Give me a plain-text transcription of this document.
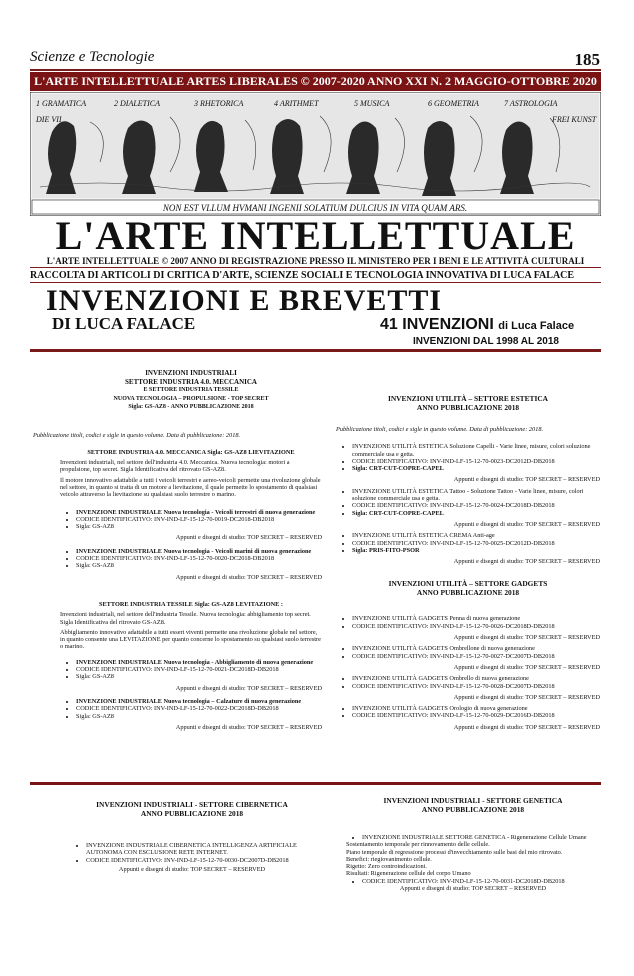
Scienze e Tecnologie	185
L'ARTE INTELLETTUALE ARTES LIBERALES © 2007-2020 ANNO XXI N. 2 MAGGIO-OTTOBRE 2020
1 GRAMATICA	2 DIALETICA	3 RHETORICA	4 ARITHMET	5 MUSICA	6 GEOMETRIA	7 ASTROLOGIA
DIE VII	FREI KUNST
NON EST VLLUM HVMANI INGENII SOLATIUM DULCIUS IN VITA QUAM ARS.
L'ARTE INTELLETTUALE
L'ARTE INTELLETTUALE © 2007 ANNO DI REGISTRAZIONE PRESSO IL MINISTERO PER I BENI E LE ATTIVITÀ CULTURALI
RACCOLTA DI ARTICOLI DI CRITICA D'ARTE, SCIENZE SOCIALI E TECNOLOGIA INNOVATIVA DI LUCA FALACE
INVENZIONI E BREVETTI
DI LUCA FALACE	41 INVENZIONI di Luca Falace
INVENZIONI DAL 1998 AL 2018
INVENZIONI INDUSTRIALI
SETTORE INDUSTRIA 4.0. MECCANICA
E SETTORE INDUSTRIA TESSILE
NUOVA TECNOLOGIA – PROPULSIONE - TOP SECRET
Sigla: GS-AZ8 - ANNO PUBBLICAZIONE 2018

Pubblicazione titoli, codici e sigle in questo volume. Data di pubblicazione: 2018.

SETTORE INDUSTRIA 4.0. MECCANICA Sigla: GS-AZ8 LIEVITAZIONE

Invenzioni industriali, nel settore dell'industria 4.0. Meccanica. Nuova tecnologia: motori a propulsione, top secret. Sigla Identificativa del ritrovato GS-AZ8.

Il motore innovativo adattabile a tutti i veicoli terrestri e aereo-veicoli permette una rivoluzione globale nel settore, in quanto si tratta di un motore a lievitazione, il quale permette lo spostamento di qualsiasi veicolo attraverso la lievitazione su qualsiasi suolo terrestre o marino.

• INVENZIONE INDUSTRIALE Nuova tecnologia - Veicoli terrestri di nuova generazione
• CODICE IDENTIFICATIVO: INV-IND-LF-15-12-70-0019-DC2018-DB2018
• Sigla: GS-AZ8
Appunti e disegni di studio: TOP SECRET – RESERVED
• INVENZIONE INDUSTRIALE Nuova tecnologia - Veicoli marini di nuova generazione
• CODICE IDENTIFICATIVO: INV-IND-LF-15-12-70-0020-DC2018-DB2018
• Sigla: GS-AZ8
Appunti e disegni di studio: TOP SECRET – RESERVED

SETTORE INDUSTRIA TESSILE Sigla: GS-AZ8 LEVITAZIONE :

Invenzioni industriali, nel settore dell'industria Tessile. Nuova tecnologia: abbigliamento top secret. Sigla Identificativa del ritrovato GS-AZ8.

Abbigliamento innovativo adattabile a tutti esseri viventi permette una rivoluzione globale nel settore, in quanto consente una LEVITAZIONE per quanto concerne lo spostamento su qualsiasi suolo terrestre o marino.

• INVENZIONE INDUSTRIALE Nuova tecnologia - Abbigliamento di nuova generazione
• CODICE IDENTIFICATIVO: INV-IND-LF-15-12-70-0021-DC2018D-DB2018
• Sigla: GS-AZ8
Appunti e disegni di studio: TOP SECRET – RESERVED
• INVENZIONE INDUSTRIALE Nuova tecnologia – Calzature di nuova generazione
• CODICE IDENTIFICATIVO: INV-IND-LF-15-12-70-0022-DC2018D-DB2018
• Sigla: GS-AZ8
Appunti e disegni di studio: TOP SECRET – RESERVED
INVENZIONI UTILITÀ – SETTORE ESTETICA
ANNO PUBBLICAZIONE 2018

Pubblicazione titoli, codici e sigle in questo volume. Data di pubblicazione: 2018.

• INVENZIONE UTILITÀ ESTETICA Soluzione Capelli - Varie linee, misure, colori soluzione commerciale usa e getta.
• CODICE IDENTIFICATIVO: INV-IND-LF-15-12-70-0023-DC2012D-DB2018
• Sigla: CRT-CUT-COPRE-CAPEL
Appunti e disegni di studio: TOP SECRET – RESERVED
• INVENZIONE UTILITÀ ESTETICA Tattoo - Soluzione Tattoo - Varie linee, misure, colori soluzione commerciale usa e getta.
• CODICE IDENTIFICATIVO: INV-IND-LF-15-12-70-0024-DC2018D-DB2018
• Sigla: CRT-CUT-COPRE-CAPEL
Appunti e disegni di studio: TOP SECRET – RESERVED
• INVENZIONE UTILITÀ ESTETICA CREMA Anti-age
• CODICE IDENTIFICATIVO: INV-IND-LF-15-12-70-0025-DC2012D-DB2018
• Sigla: PRIS-FITO-PSOR
Appunti e disegni di studio: TOP SECRET – RESERVED
INVENZIONI UTILITÀ – SETTORE GADGETS
ANNO PUBBLICAZIONE 2018
• INVENZIONE UTILITÀ GADGETS Penna di nuova generazione
• CODICE IDENTIFICATIVO: INV-IND-LF-15-12-70-0026-DC2018D-DB2018
Appunti e disegni di studio: TOP SECRET – RESERVED
• INVENZIONE UTILITÀ GADGETS Ombrellone di nuova generazione
• CODICE IDENTIFICATIVO: INV-IND-LF-15-12-70-0027-DC2007D-DB2018
Appunti e disegni di studio: TOP SECRET – RESERVED
• INVENZIONE UTILITÀ GADGETS Ombrello di nuova generazione
• CODICE IDENTIFICATIVO: INV-IND-LF-15-12-70-0028-DC2007D-DB2018
Appunti e disegni di studio: TOP SECRET – RESERVED
• INVENZIONE UTILITÀ GADGETS Orologio di nuova generazione
• CODICE IDENTIFICATIVO: INV-IND-LF-15-12-70-0029-DC2016D-DB2018
Appunti e disegni di studio: TOP SECRET – RESERVED
INVENZIONI INDUSTRIALI - SETTORE CIBERNETICA
ANNO PUBBLICAZIONE 2018
• INVENZIONE INDUSTRIALE CIBERNETICA INTELLIGENZA ARTIFICIALE AUTONOMA CON ESCLUSIONE RETE INTERNET.
• CODICE IDENTIFICATIVO: INV-IND-LF-15-12-70-0030-DC2007D-DB2018
Appunti e disegni di studio: TOP SECRET – RESERVED
INVENZIONI INDUSTRIALI - SETTORE GENETICA
ANNO PUBBLICAZIONE 2018
• INVENZIONE INDUSTRIALE SETTORE GENETICA - Rigenerazione Cellule Umane
Sostentamento temporale per rinnovamento delle cellule.
Piano temporale di regressione processi d'invecchiamento sulle basi del mio ritrovato.
Benefici: riegiovanimento cellule.
Rigetto: Zero controindicazioni.
Risultati: Rigenerazione cellule del corpo Umano
• CODICE IDENTIFICATIVO: INV-IND-LF-15-12-70-0031-DC2018D-DB2018
Appunti e disegni di studio: TOP SECRET – RESERVED
